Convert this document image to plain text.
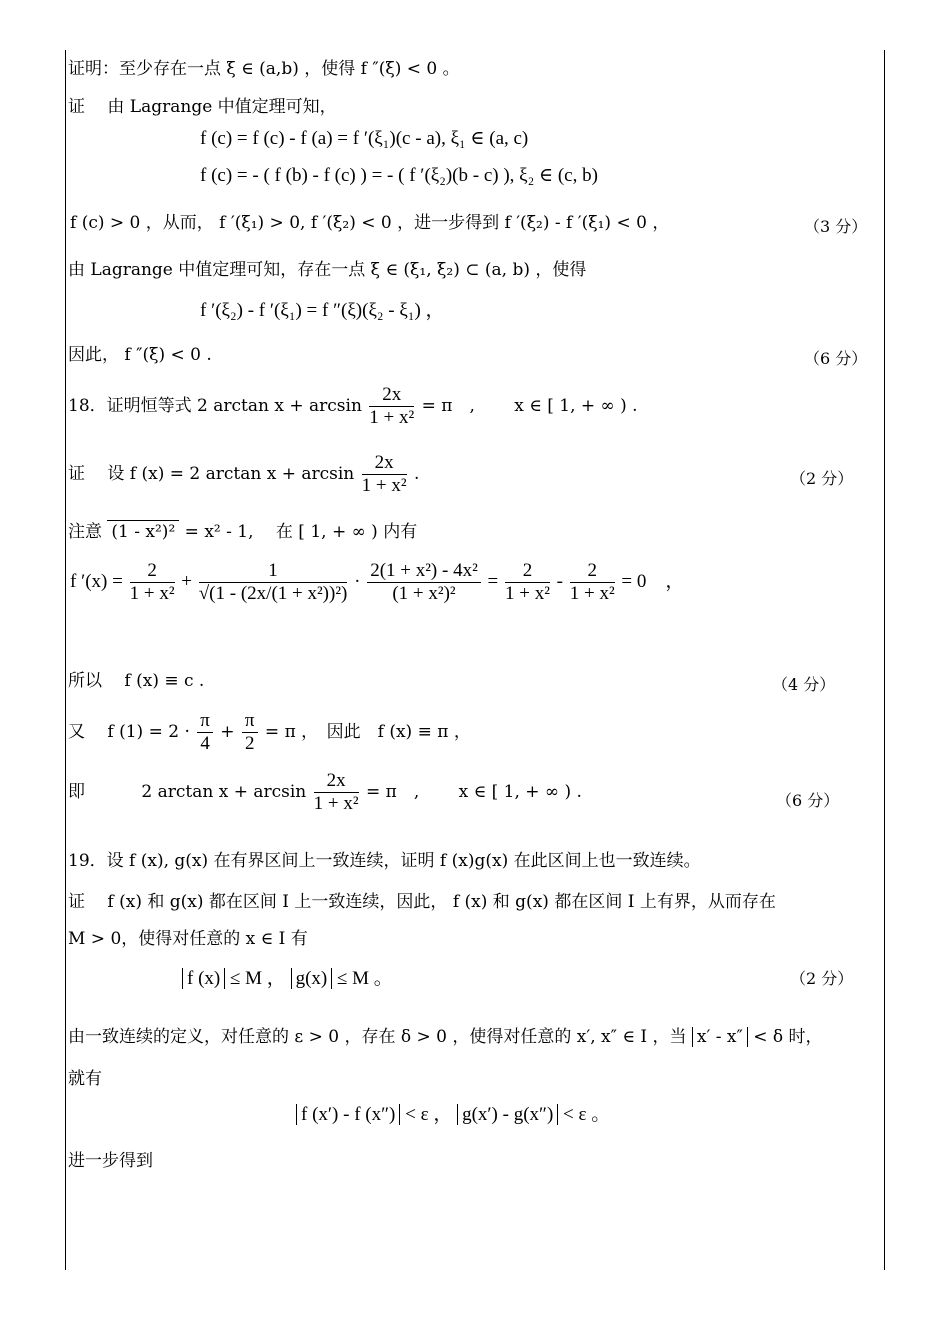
证明：至少存在一点 ξ ∈ (a,b) ，使得 f ″(ξ) < 0 。
证　 由 Lagrange 中值定理可知，
f (c) = f (c) - f (a) = f ′(ξ₁)(c - a), ξ₁ ∈ (a, c)
f (c) = - ( f (b) - f (c) ) = - ( f ′(ξ₂)(b - c) ), ξ₂ ∈ (c, b)
f (c) > 0 ，从而， f ′(ξ₁) > 0, f ′(ξ₂) < 0 ，进一步得到 f ′(ξ₂) - f ′(ξ₁) < 0 ，	（3 分）
由 Lagrange 中值定理可知，存在一点 ξ ∈ (ξ₁, ξ₂) ⊂ (a, b) ，使得
f ′(ξ₂) - f ′(ξ₁) = f ″(ξ)(ξ₂ - ξ₁) ，
因此， f ″(ξ) < 0 .	（6 分）
18．证明恒等式 2 $\arctan x + \arcsin \frac{2x}{\text{1 + x²}} = \pi$　,　　 x ∈ [ 1, + ∞ ) .
证　 设 f (x) = 2 $\arctan x + \arcsin \frac{2x}{\text{1 + x²}}$ .	（2 分）
注意 (1 - x²)² = x² - 1,　 在 [ 1, + ∞ ) 内有
f $'(x) = \frac{2}{\text{1 + x²}} + \frac{1}{\text{√(1 - (2x/(1 + x²))²)}} \cdot \frac{\text{2(1 + x²) - 4x²}}{\text{(1 + x²)²}} = \frac{2}{\text{1 + x²}} - \frac{2}{\text{1 + x²}} = 0$　，
所以　 f (x) ≡ c .	（4 分）
又　 f $(1) = 2 \cdot \frac{\pi}{4} + \frac{\pi}{2} = \pi$ ，　因此　f (x) ≡ π ，
即　　　 2 $\arctan x + \arcsin \frac{2x}{\text{1 + x²}} = \pi$　,　　 x ∈ [ 1, + ∞ ) .	（6 分）
19．设 f (x), g(x) 在有界区间上一致连续，证明 f (x)g(x) 在此区间上也一致连续。
证　 f (x) 和 g(x) 都在区间 I 上一致连续，因此， f (x) 和 g(x) 都在区间 I 上有界，从而存在
M > 0，使得对任意的 x ∈ I 有
f (x) ≤ M ， g(x) ≤ M 。	（2 分）
由一致连续的定义，对任意的 ε > 0 ，存在 δ > 0 ，使得对任意的 x′, x″ ∈ I ，当 x′ - x″ < δ 时，
就有
f (x′) - f (x″) < ε ， g(x′) - g(x″) < ε 。
进一步得到
